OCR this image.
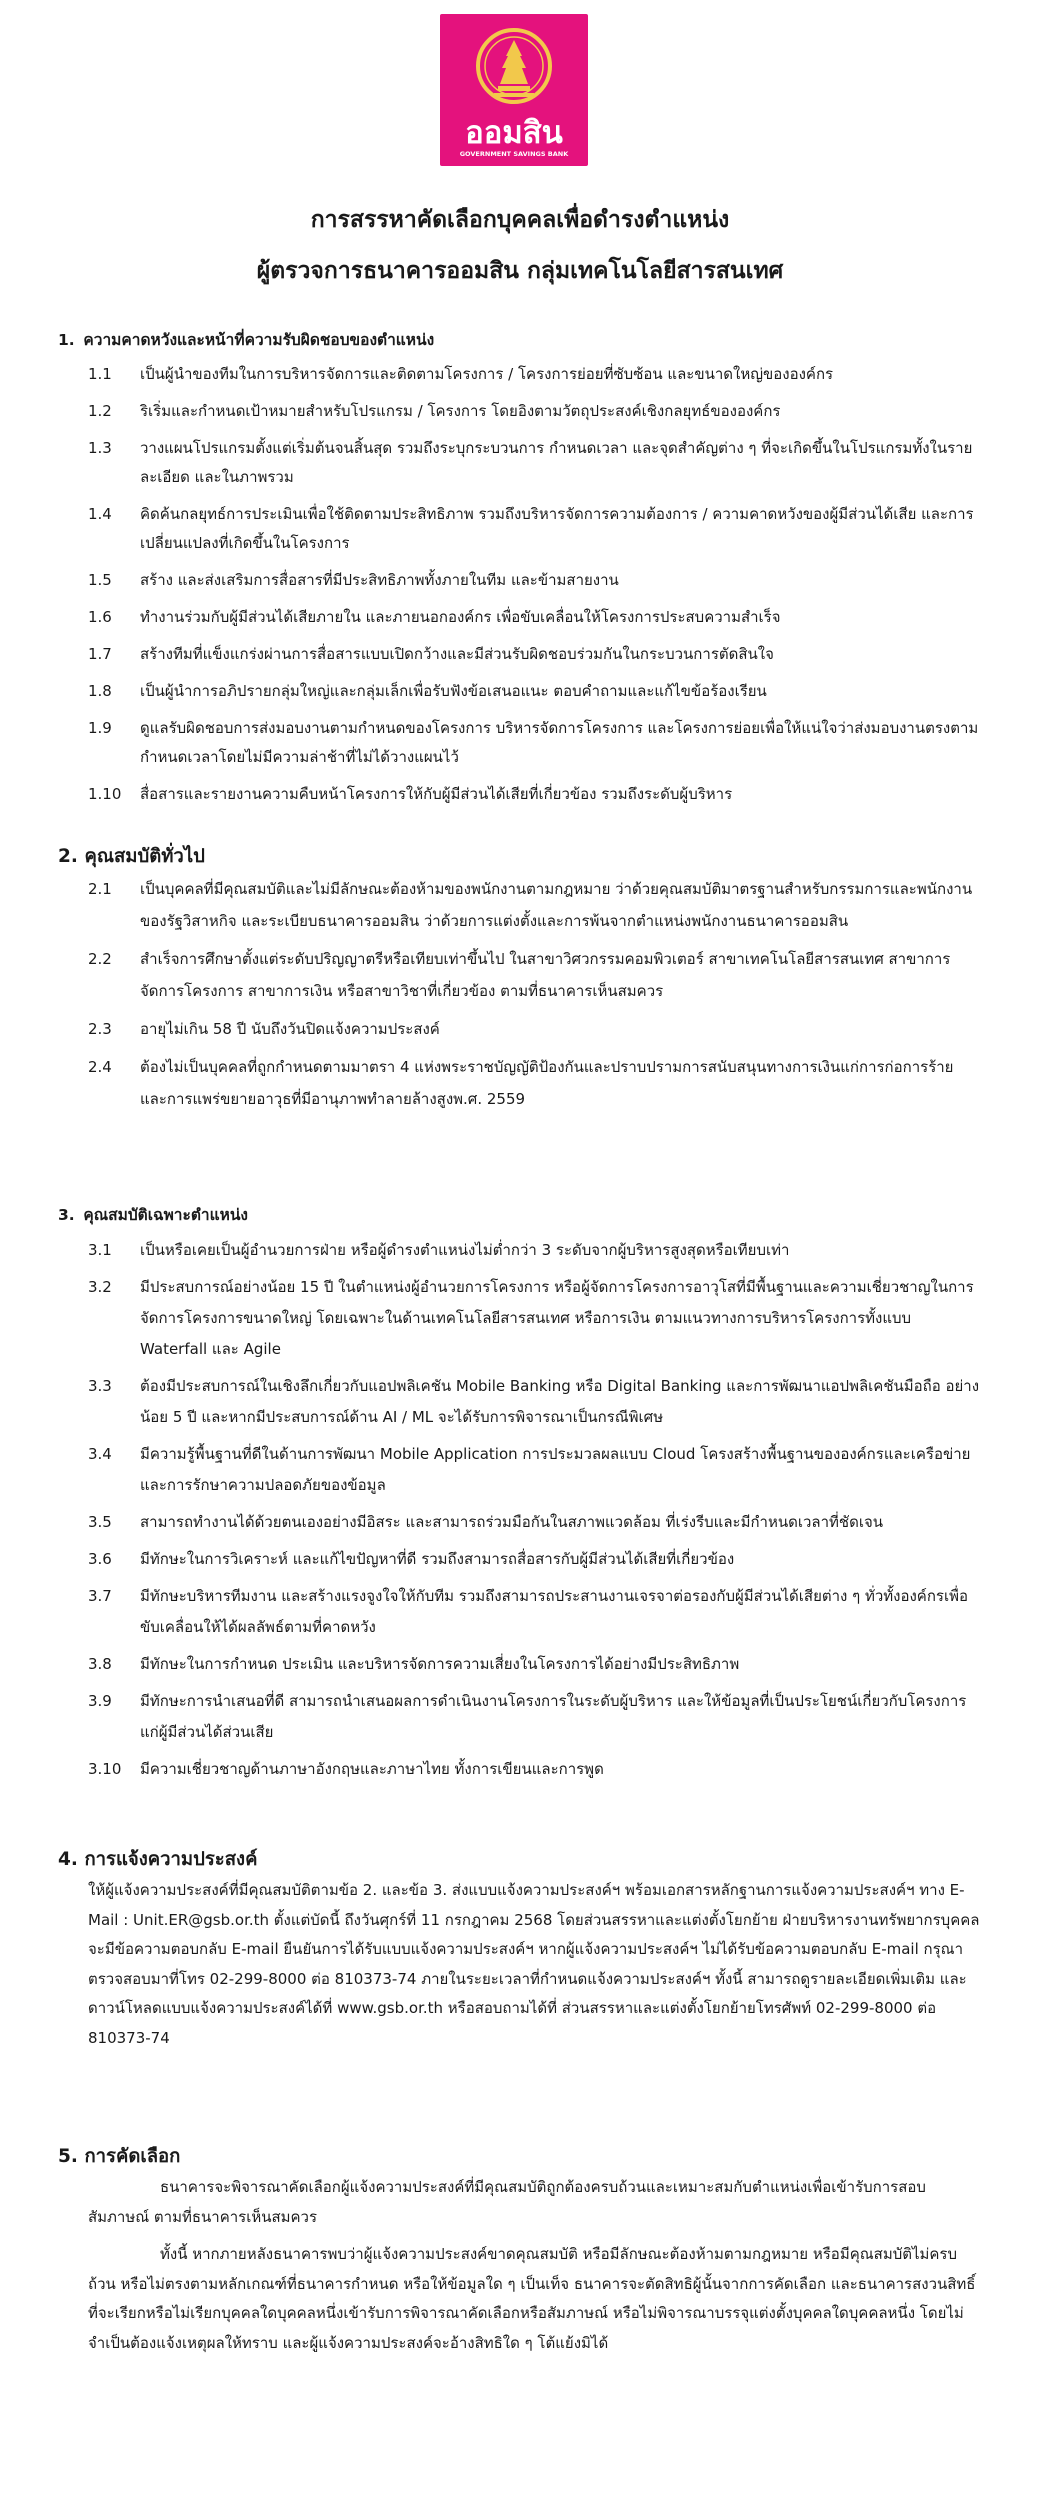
ออมสิน
GOVERNMENT SAVINGS BANK
การสรรหาคัดเลือกบุคคลเพื่อดำรงตำแหน่ง
ผู้ตรวจการธนาคารออมสิน กลุ่มเทคโนโลยีสารสนเทศ
1. ความคาดหวังและหน้าที่ความรับผิดชอบของตำแหน่ง
1.1	เป็นผู้นำของทีมในการบริหารจัดการและติดตามโครงการ / โครงการย่อยที่ซับซ้อน และขนาดใหญ่ขององค์กร
1.2	ริเริ่มและกำหนดเป้าหมายสำหรับโปรแกรม / โครงการ โดยอิงตามวัตถุประสงค์เชิงกลยุทธ์ขององค์กร
1.3	วางแผนโปรแกรมตั้งแต่เริ่มต้นจนสิ้นสุด รวมถึงระบุกระบวนการ กำหนดเวลา และจุดสำคัญต่าง ๆ ที่จะเกิดขึ้นในโปรแกรมทั้งในรายละเอียด และในภาพรวม
1.4	คิดค้นกลยุทธ์การประเมินเพื่อใช้ติดตามประสิทธิภาพ รวมถึงบริหารจัดการความต้องการ / ความคาดหวังของผู้มีส่วนได้เสีย และการเปลี่ยนแปลงที่เกิดขึ้นในโครงการ
1.5	สร้าง และส่งเสริมการสื่อสารที่มีประสิทธิภาพทั้งภายในทีม และข้ามสายงาน
1.6	ทำงานร่วมกับผู้มีส่วนได้เสียภายใน และภายนอกองค์กร เพื่อขับเคลื่อนให้โครงการประสบความสำเร็จ
1.7	สร้างทีมที่แข็งแกร่งผ่านการสื่อสารแบบเปิดกว้างและมีส่วนรับผิดชอบร่วมกันในกระบวนการตัดสินใจ
1.8	เป็นผู้นำการอภิปรายกลุ่มใหญ่และกลุ่มเล็กเพื่อรับฟังข้อเสนอแนะ ตอบคำถามและแก้ไขข้อร้องเรียน
1.9	ดูแลรับผิดชอบการส่งมอบงานตามกำหนดของโครงการ บริหารจัดการโครงการ และโครงการย่อยเพื่อให้แน่ใจว่าส่งมอบงานตรงตามกำหนดเวลาโดยไม่มีความล่าช้าที่ไม่ได้วางแผนไว้
1.10	สื่อสารและรายงานความคืบหน้าโครงการให้กับผู้มีส่วนได้เสียที่เกี่ยวข้อง รวมถึงระดับผู้บริหาร
2. คุณสมบัติทั่วไป
2.1	เป็นบุคคลที่มีคุณสมบัติและไม่มีลักษณะต้องห้ามของพนักงานตามกฎหมาย ว่าด้วยคุณสมบัติมาตรฐานสำหรับกรรมการและพนักงานของรัฐวิสาหกิจ และระเบียบธนาคารออมสิน ว่าด้วยการแต่งตั้งและการพ้นจากตำแหน่งพนักงานธนาคารออมสิน
2.2	สำเร็จการศึกษาตั้งแต่ระดับปริญญาตรีหรือเทียบเท่าขึ้นไป ในสาขาวิศวกรรมคอมพิวเตอร์ สาขาเทคโนโลยีสารสนเทศ สาขาการจัดการโครงการ สาขาการเงิน หรือสาขาวิชาที่เกี่ยวข้อง ตามที่ธนาคารเห็นสมควร
2.3	อายุไม่เกิน 58 ปี นับถึงวันปิดแจ้งความประสงค์
2.4	ต้องไม่เป็นบุคคลที่ถูกกำหนดตามมาตรา 4 แห่งพระราชบัญญัติป้องกันและปราบปรามการสนับสนุนทางการเงินแก่การก่อการร้ายและการแพร่ขยายอาวุธที่มีอานุภาพทำลายล้างสูงพ.ศ. 2559
3. คุณสมบัติเฉพาะตำแหน่ง
3.1	เป็นหรือเคยเป็นผู้อำนวยการฝ่าย หรือผู้ดำรงตำแหน่งไม่ต่ำกว่า 3 ระดับจากผู้บริหารสูงสุดหรือเทียบเท่า
3.2	มีประสบการณ์อย่างน้อย 15 ปี ในตำแหน่งผู้อำนวยการโครงการ หรือผู้จัดการโครงการอาวุโสที่มีพื้นฐานและความเชี่ยวชาญในการจัดการโครงการขนาดใหญ่ โดยเฉพาะในด้านเทคโนโลยีสารสนเทศ หรือการเงิน ตามแนวทางการบริหารโครงการทั้งแบบ Waterfall และ Agile
3.3	ต้องมีประสบการณ์ในเชิงลึกเกี่ยวกับแอปพลิเคชัน Mobile Banking หรือ Digital Banking และการพัฒนาแอปพลิเคชันมือถือ อย่างน้อย 5 ปี และหากมีประสบการณ์ด้าน AI / ML จะได้รับการพิจารณาเป็นกรณีพิเศษ
3.4	มีความรู้พื้นฐานที่ดีในด้านการพัฒนา Mobile Application การประมวลผลแบบ Cloud โครงสร้างพื้นฐานขององค์กรและเครือข่าย และการรักษาความปลอดภัยของข้อมูล
3.5	สามารถทำงานได้ด้วยตนเองอย่างมีอิสระ และสามารถร่วมมือกันในสภาพแวดล้อม ที่เร่งรีบและมีกำหนดเวลาที่ชัดเจน
3.6	มีทักษะในการวิเคราะห์ และแก้ไขปัญหาที่ดี รวมถึงสามารถสื่อสารกับผู้มีส่วนได้เสียที่เกี่ยวข้อง
3.7	มีทักษะบริหารทีมงาน และสร้างแรงจูงใจให้กับทีม รวมถึงสามารถประสานงานเจรจาต่อรองกับผู้มีส่วนได้เสียต่าง ๆ ทั่วทั้งองค์กรเพื่อขับเคลื่อนให้ได้ผลลัพธ์ตามที่คาดหวัง
3.8	มีทักษะในการกำหนด ประเมิน และบริหารจัดการความเสี่ยงในโครงการได้อย่างมีประสิทธิภาพ
3.9	มีทักษะการนำเสนอที่ดี สามารถนำเสนอผลการดำเนินงานโครงการในระดับผู้บริหาร และให้ข้อมูลที่เป็นประโยชน์เกี่ยวกับโครงการแก่ผู้มีส่วนได้ส่วนเสีย
3.10	มีความเชี่ยวชาญด้านภาษาอังกฤษและภาษาไทย ทั้งการเขียนและการพูด
4. การแจ้งความประสงค์
ให้ผู้แจ้งความประสงค์ที่มีคุณสมบัติตามข้อ 2. และข้อ 3. ส่งแบบแจ้งความประสงค์ฯ พร้อมเอกสารหลักฐานการแจ้งความประสงค์ฯ ทาง E-Mail : Unit.ER@gsb.or.th ตั้งแต่บัดนี้ ถึงวันศุกร์ที่ 11 กรกฎาคม 2568 โดยส่วนสรรหาและแต่งตั้งโยกย้าย ฝ่ายบริหารงานทรัพยากรบุคคล จะมีข้อความตอบกลับ E-mail ยืนยันการได้รับแบบแจ้งความประสงค์ฯ หากผู้แจ้งความประสงค์ฯ ไม่ได้รับข้อความตอบกลับ E-mail กรุณาตรวจสอบมาที่โทร 02-299-8000 ต่อ 810373-74 ภายในระยะเวลาที่กำหนดแจ้งความประสงค์ฯ ทั้งนี้ สามารถดูรายละเอียดเพิ่มเติม และดาวน์โหลดแบบแจ้งความประสงค์ได้ที่ www.gsb.or.th หรือสอบถามได้ที่ ส่วนสรรหาและแต่งตั้งโยกย้ายโทรศัพท์ 02-299-8000 ต่อ 810373-74
5. การคัดเลือก
ธนาคารจะพิจารณาคัดเลือกผู้แจ้งความประสงค์ที่มีคุณสมบัติถูกต้องครบถ้วนและเหมาะสมกับตำแหน่งเพื่อเข้ารับการสอบสัมภาษณ์ ตามที่ธนาคารเห็นสมควร
ทั้งนี้ หากภายหลังธนาคารพบว่าผู้แจ้งความประสงค์ขาดคุณสมบัติ หรือมีลักษณะต้องห้ามตามกฎหมาย หรือมีคุณสมบัติไม่ครบถ้วน หรือไม่ตรงตามหลักเกณฑ์ที่ธนาคารกำหนด หรือให้ข้อมูลใด ๆ เป็นเท็จ ธนาคารจะตัดสิทธิผู้นั้นจากการคัดเลือก และธนาคารสงวนสิทธิ์ที่จะเรียกหรือไม่เรียกบุคคลใดบุคคลหนึ่งเข้ารับการพิจารณาคัดเลือกหรือสัมภาษณ์ หรือไม่พิจารณาบรรจุแต่งตั้งบุคคลใดบุคคลหนึ่ง โดยไม่จำเป็นต้องแจ้งเหตุผลให้ทราบ และผู้แจ้งความประสงค์จะอ้างสิทธิใด ๆ โต้แย้งมิได้
